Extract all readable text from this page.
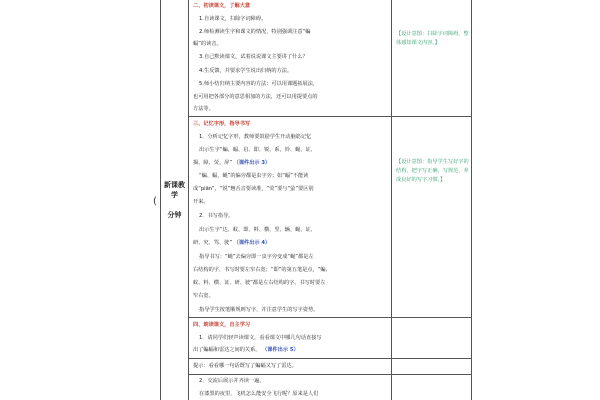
新课教学

分钟
(
二、初读课文，了解大意
1.自读课文，扫除字词障碍。
2.师检测读生字和课文的情况，特别强调注意“蝙
蝠”的读音。
3.自己默读课文，试着说说课文主要讲了什么？
4.生反馈，并要求学生说出归纳的方法。
5.师小结归纳主要内容的方法：可以用课题拓展法，
也可用把各部分的意思相加的方法，还可以用提要点的
方法等。
三、记忆字形，指导书写
1．分析记忆字形，教师要鼓励学生开动脑筋记忆
出示生字“蝙、蝠、启、即、锐、系、铃、蝇、证、
揭、障、荧、屏” （课件出示 3）
“蝙、蝠、蝇”的偏旁都是虫字旁；如“蝠”不能读
成“piān”，“锐”翘舌音要读准，“荧”要与“萤”要区别
开来。
2．书写指导。
出示生字“达、蚊、即、料、横、竖、辆、蝇、证、
研、究、骂、驶” （课件出示 4）
指导书写：“蝇”去偏旁即一虫字旁变成“蝇”都是左
右结构的字，书写时要左窄右宽；“即”的第五笔是点，“蝙、
蚊、料、横、证、研、驶”都是左右结构的字，书写时要左
窄右宽。
指导学生按笔顺规则写字，并注意学生的写字姿势。
四、朗读课文，自主学习
1．请同学们轻声读课文，看看课文中哪几句话直接写
出了蝙蝠和雷达之间的关系。 （课件出示 5）
提示：看看哪一句话既写了蝙蝠又写了雷达。
2．交流后展示并齐读一遍。
在漆黑的夜里，飞机怎么能安全飞行呢？原来是人们
【设计意图：扫除字词障碍，整体感知课文内容。】
【设计意图：指导学生写好字的结构，把字写正确、写规范，养成良好的写字习惯。】
